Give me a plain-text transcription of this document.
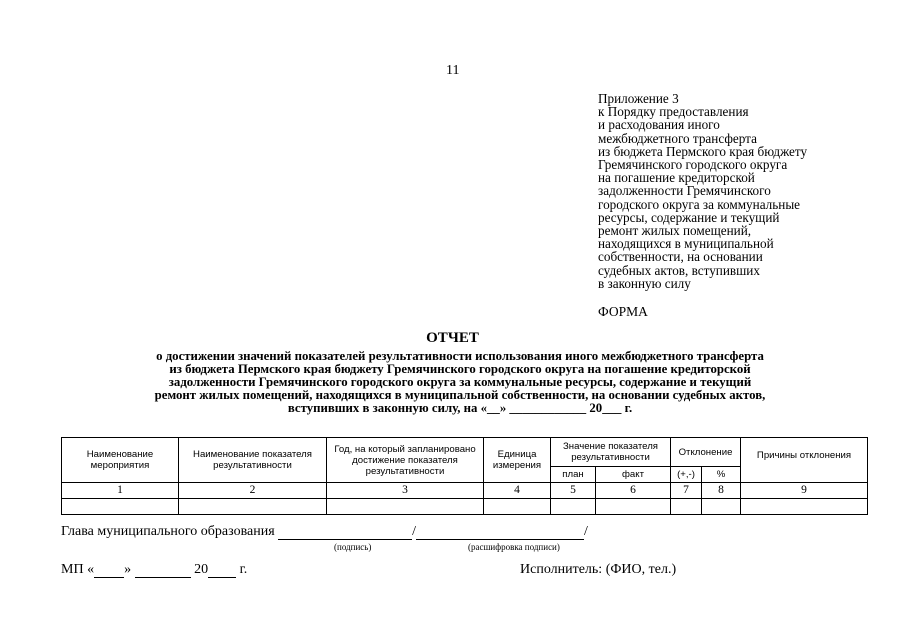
11
Приложение 3
к Порядку предоставления
и расходования иного
межбюджетного трансферта
из бюджета Пермского края бюджету
Гремячинского городского округа
на погашение кредиторской
задолженности Гремячинского
городского округа за коммунальные
ресурсы, содержание и текущий
ремонт жилых помещений,
находящихся в муниципальной
собственности, на основании
судебных актов, вступивших
в законную силу
ФОРМА
ОТЧЕТ
о достижении значений показателей результативности использования иного межбюджетного трансферта
из бюджета Пермского края бюджету Гремячинского городского округа на погашение кредиторской
задолженности Гремячинского городского округа за коммунальные ресурсы, содержание и текущий
ремонт жилых помещений, находящихся в муниципальной собственности, на основании судебных актов,
вступивших в законную силу, на «__» ____________ 20___ г.
Наименование мероприятия	Наименование показателя результативности	Год, на который запланировано достижение показателя результативности	Единица измерения	Значение показателя результативности		Отклонение		Причины отклонения
				план	факт	(+,-)	%	
1	2	3	4	5	6	7	8	9

Глава муниципального образования	/	/
(подпись)	(расшифровка подписи)
МП « »	20 г.	Исполнитель: (ФИО, тел.)
